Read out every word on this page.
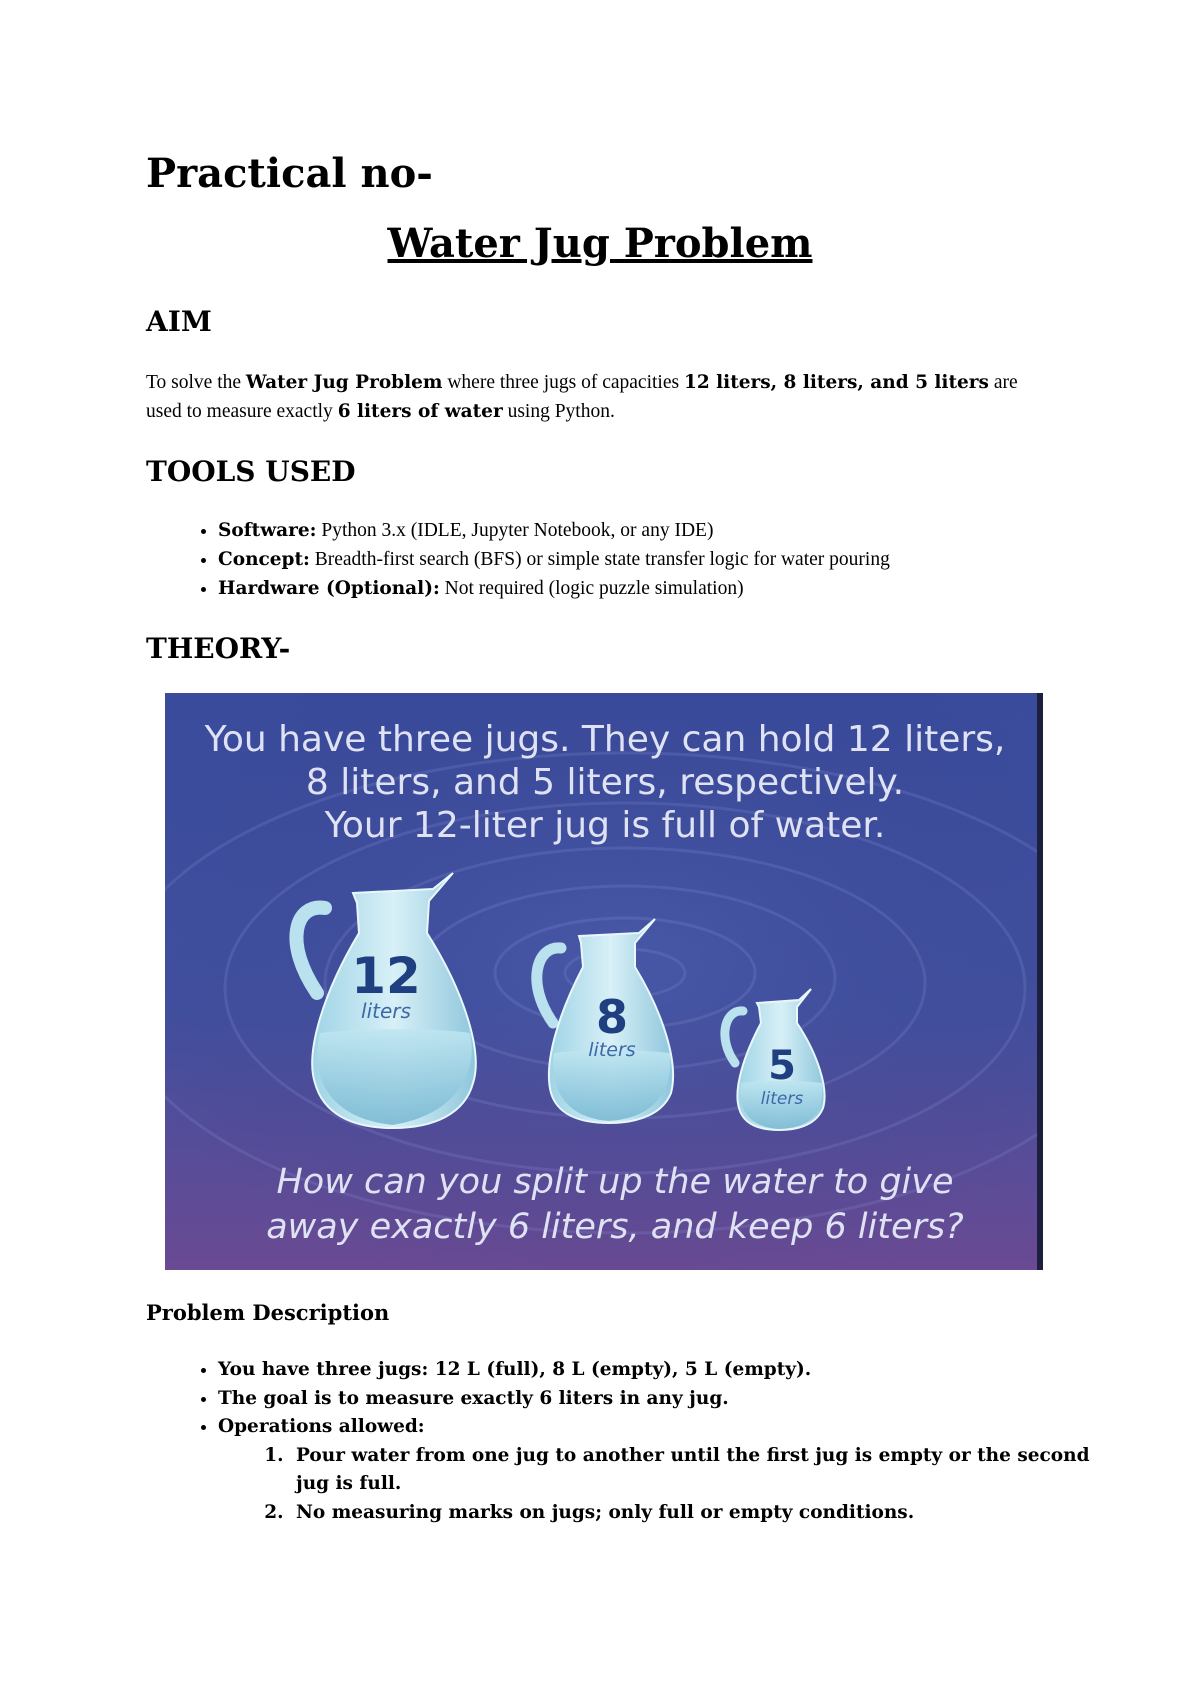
Practical no-
Water Jug Problem
AIM

To solve the Water Jug Problem where three jugs of capacities 12 liters, 8 liters, and 5 liters are used to measure exactly 6 liters of water using Python.

TOOLS USED
• Software: Python 3.x (IDLE, Jupyter Notebook, or any IDE)
• Concept: Breadth-first search (BFS) or simple state transfer logic for water pouring
• Hardware (Optional): Not required (logic puzzle simulation)
THEORY-
You have three jugs. They can hold 12 liters,
8 liters, and 5 liters, respectively.
Your 12-liter jug is full of water.
12
liters	8
liters	5
liters
How can you split up the water to give
away exactly 6 liters, and keep 6 liters?
Problem Description
• You have three jugs: 12 L (full), 8 L (empty), 5 L (empty).
• The goal is to measure exactly 6 liters in any jug.
• Operations allowed:
1. Pour water from one jug to another until the first jug is empty or the second jug is full.
2. No measuring marks on jugs; only full or empty conditions.
